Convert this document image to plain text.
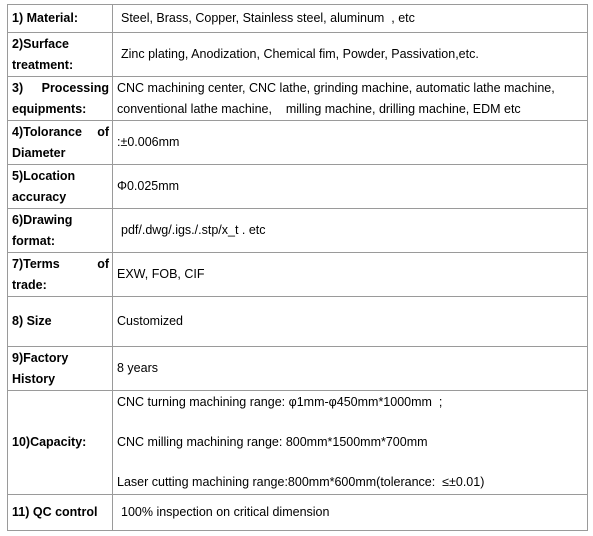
1) Material:	Steel, Brass, Copper, Stainless steel, aluminum  , etc
2)Surface treatment:	Zinc plating, Anodization, Chemical fim, Powder, Passivation,etc.
3) Processing equipments:	CNC machining center, CNC lathe, grinding machine, automatic lathe machine,
conventional lathe machine,    milling machine, drilling machine, EDM etc

4)Tolorance of Diameter	:±0.006mm
5)Location accuracy	Φ0.025mm
6)Drawing format:	pdf/.dwg/.igs./.stp/x_t . etc
7)Terms of trade:	EXW, FOB, CIF
8) Size	Customized
9)Factory History	8 years
10)Capacity:	CNC turning machining range: φ1mm-φ450mm*1000mm  ;
CNC milling machining range: 800mm*1500mm*700mm
Laser cutting machining range:800mm*600mm(tolerance:  ≤±0.01)

11) QC control	100% inspection on critical dimension
